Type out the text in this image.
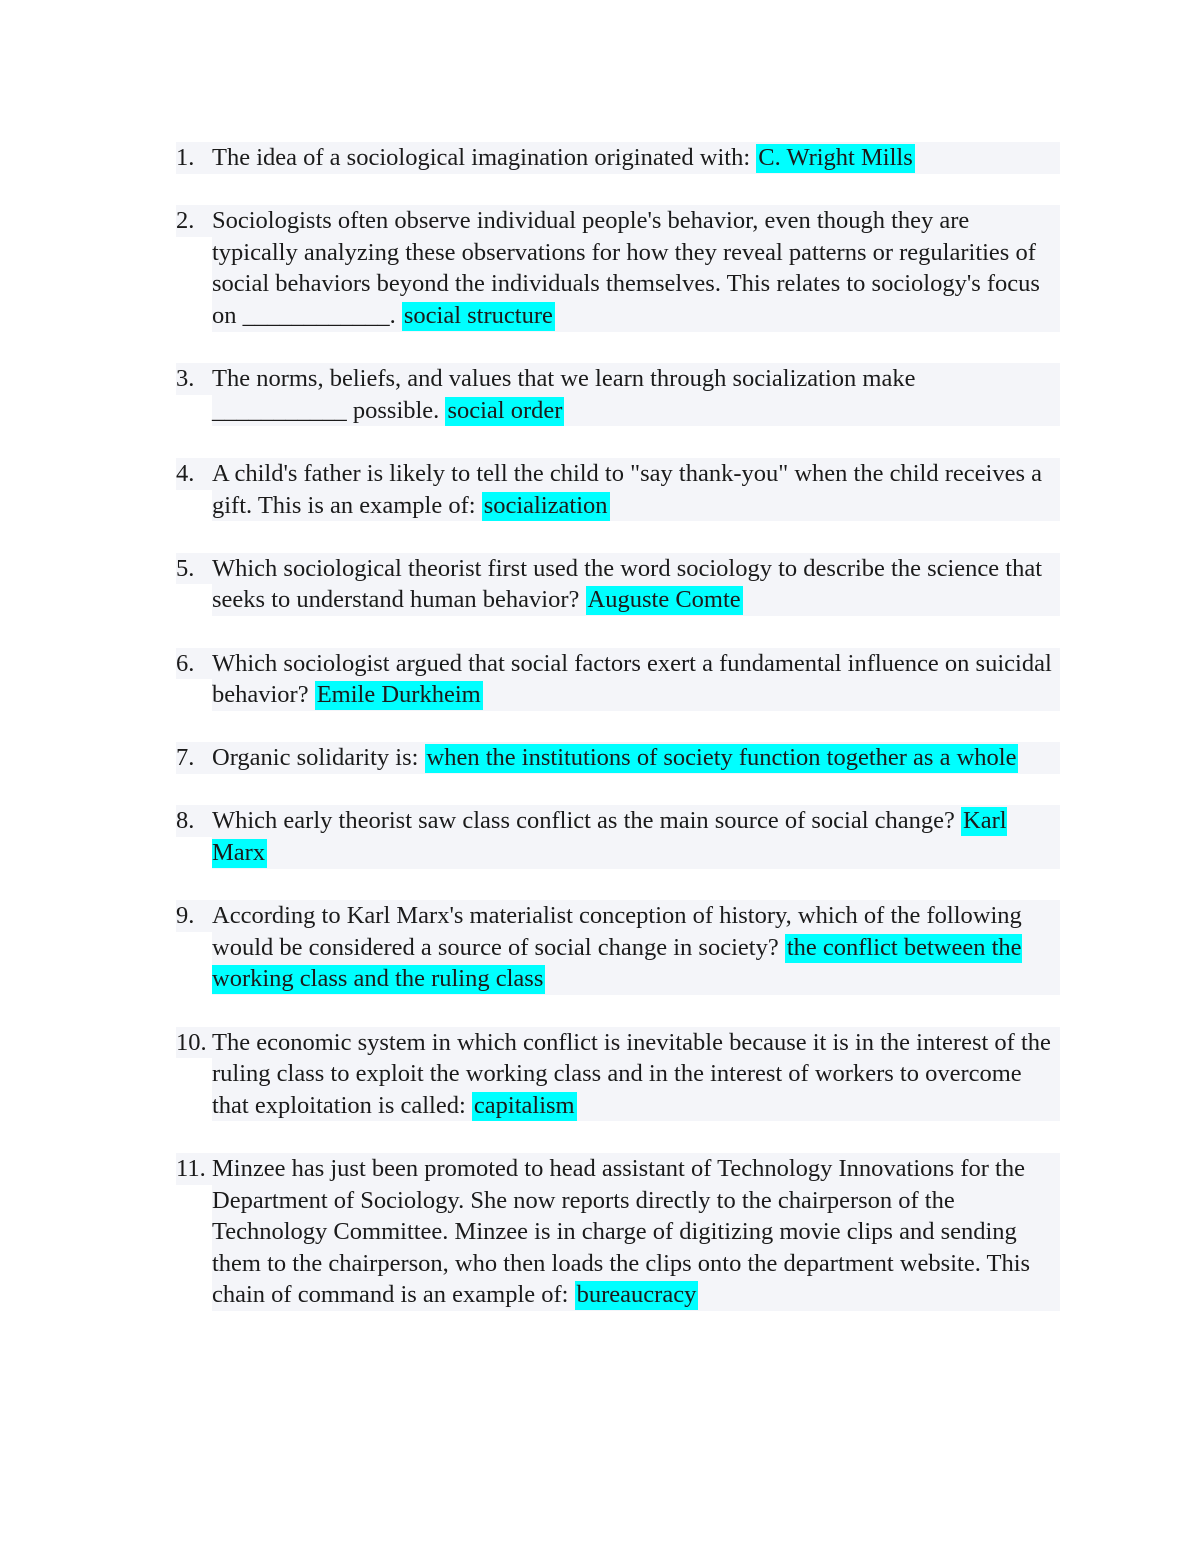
1. The idea of a sociological imagination originated with: C. Wright Mills
2. Sociologists often observe individual people's behavior, even though they are typically analyzing these observations for how they reveal patterns or regularities of social behaviors beyond the individuals themselves. This relates to sociology's focus on ____________. social structure
3. The norms, beliefs, and values that we learn through socialization make ___________ possible. social order
4. A child's father is likely to tell the child to "say thank-you" when the child receives a gift. This is an example of: socialization
5. Which sociological theorist first used the word sociology to describe the science that seeks to understand human behavior? Auguste Comte
6. Which sociologist argued that social factors exert a fundamental influence on suicidal behavior? Emile Durkheim
7. Organic solidarity is: when the institutions of society function together as a whole
8. Which early theorist saw class conflict as the main source of social change? Karl Marx
9. According to Karl Marx's materialist conception of history, which of the following would be considered a source of social change in society? the conflict between the working class and the ruling class
10. The economic system in which conflict is inevitable because it is in the interest of the ruling class to exploit the working class and in the interest of workers to overcome that exploitation is called: capitalism
11. Minzee has just been promoted to head assistant of Technology Innovations for the Department of Sociology. She now reports directly to the chairperson of the Technology Committee. Minzee is in charge of digitizing movie clips and sending them to the chairperson, who then loads the clips onto the department website. This chain of command is an example of: bureaucracy
